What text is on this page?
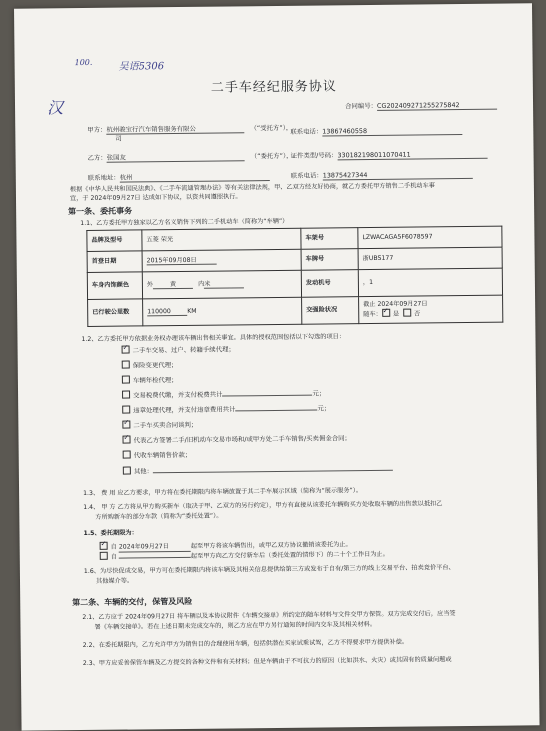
100.	吴语5306
汉
二手车经纪服务协议
合同编号：CG20240927125527584​2
甲方：杭州骏宝行汽车销售服务有限公	（“受托方”），
司
联系电话：13867460558
乙方：张国友	（“委托方”），
证件类型/号码：330182198011070411
联系地址：杭州	联系电话：13875427344
根据《中华人民共和国民法典》、《二手车流通管理办法》等有关法律法规，甲、乙双方经友好协商，就乙方委托甲方销售二手机动车事
宜，于 2024年09月27日 达成如下协议，以资共同遵照执行。
第一条、委托事务
1.1、乙方委托甲方独家以乙方名义销售下列的二手机动车（简称为“车辆”）
品牌及型号	五菱 荣光	车架号	LZWACAGA5F6078597
首登日期	2015年09月08日	车牌号	浙UBS177
车身内饰颜色	外 黄 内米	发动机号	，1
已行驶公里数	110000 KM	交强险状况	截止 2024年09月27日
随车： ✓ 是 否
1.2、乙方委托甲方依据业务权办理该车辆出售相关事宜。具体的授权范围包括以下勾选的项目：
✓二手车交易、过户、转籍手续代理；
保险变更代理；
车辆年检代理；
交易税费代缴，并支付税费共计	元；
违章处理代理，并支付违章费用共计	元；
✓二手车买卖合同谈判；
✓代表乙方签署二手/旧机动车交易市场和/或甲方处二手车销售/买卖佣金合同；
代收车辆销售价款；
其他：
1.3、 费 用 应乙方要求，甲方将在委托期限内将车辆放置于其二手车展示区域（简称为“展示服务”）。
1.4、 甲 方 乙方将从甲方购买新车（取决于甲、乙双方的另行约定），甲方有直接从该委托车辆购买方处收取车辆的出售款以抵扣乙
方所购新车的部分车款（简称为“委托处置”）。
1.5、委托期限为：
✓自 2024年09月27日	起至甲方将该车辆售出，或甲乙双方协议撤销该委托为止。
自	起至甲方向乙方交付新车后（委托处置的情形下）的二十个工作日为止。
1.6、为尽快促成交易，甲方可在委托期限内将该车辆及其相关信息提供给第三方或发布于自有/第三方的线上交易平台、拍卖竞价平台、
其他媒介等。
第二条、车辆的交付，保管及风险
2.1、乙方应于 2024年09月27日 将车辆以及本协议附件《车辆交接单》所约定的随车材料与文件交甲方保管。双方完成交付后，应当签
署《车辆交接单》。若在上述日期未完成交车的，则乙方应在甲方另行通知的时间内交车及其相关材料。
2.2、在委托期限内，乙方允许甲方为销售目的合理使用车辆，包括供潜在买家试乘试驾，乙方不得要求甲方提供补偿。
2.3、甲方应妥善保管车辆及乙方提交的各种文件和有关材料；但是车辆由于不可抗力的原因（比如洪水、火灾）或其固有的质量问题或
